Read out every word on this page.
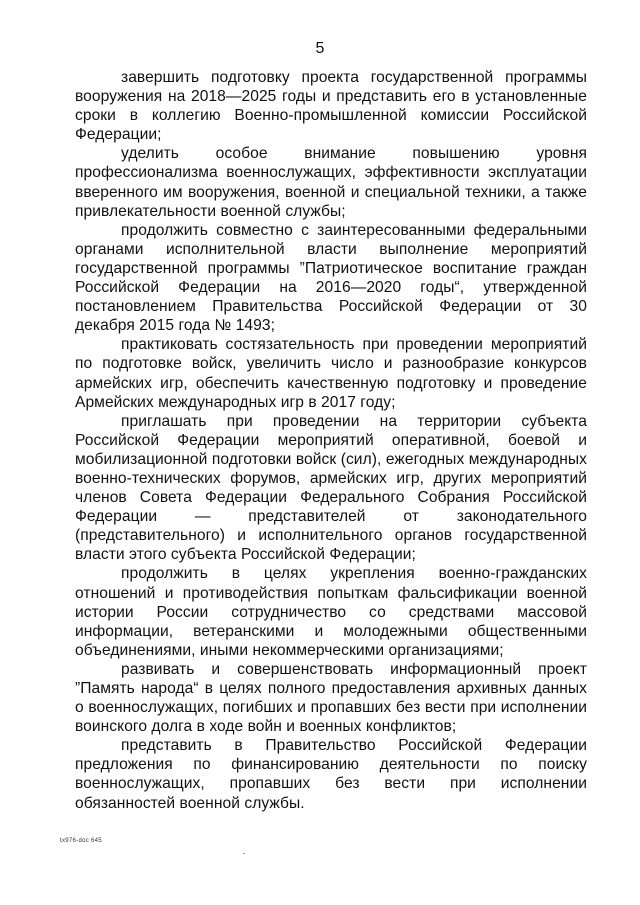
5

завершить подготовку проекта государственной программы вооружения на 2018—2025 годы и представить его в установленные сроки в коллегию Военно-промышленной комиссии Российской Федерации;

уделить особое внимание повышению уровня профессионализма военнослужащих, эффективности эксплуатации вверенного им вооружения, военной и специальной техники, а также привлекательности военной службы;

продолжить совместно с заинтересованными федеральными органами исполнительной власти выполнение мероприятий государственной программы ”Патриотическое воспитание граждан Российской Федерации на 2016—2020 годы“, утвержденной постановлением Правительства Российской Федерации от 30 декабря 2015 года № 1493;

практиковать состязательность при проведении мероприятий по подготовке войск, увеличить число и разнообразие конкурсов армейских игр, обеспечить качественную подготовку и проведение Армейских международных игр в 2017 году;

приглашать при проведении на территории субъекта Российской Федерации мероприятий оперативной, боевой и мобилизационной подготовки войск (сил), ежегодных международных военно-технических форумов, армейских игр, других мероприятий членов Совета Федерации Федерального Собрания Российской Федерации — представителей от законодательного (представительного) и исполнительного органов государственной власти этого субъекта Российской Федерации;

продолжить в целях укрепления военно-гражданских отношений и противодействия попыткам фальсификации военной истории России сотрудничество со средствами массовой информации, ветеранскими и молодежными общественными объединениями, иными некоммерческими организациями;

развивать и совершенствовать информационный проект ”Память народа“ в целях полного предоставления архивных данных о военнослужащих, погибших и пропавших без вести при исполнении воинского долга в ходе войн и военных конфликтов;

представить в Правительство Российской Федерации предложения по финансированию деятельности по поиску военнослужащих, пропавших без вести при исполнении обязанностей военной службы.

tx976-doc 645
